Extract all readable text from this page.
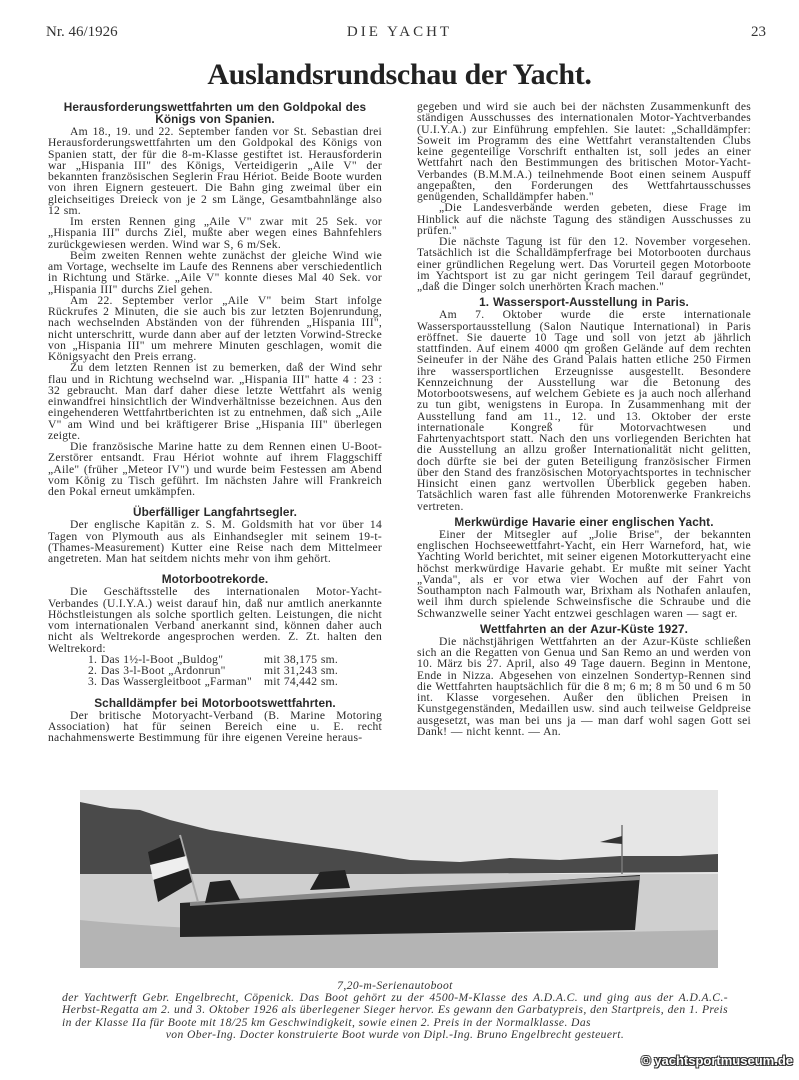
Nr. 46/1926	DIE YACHT	23
Auslandsrundschau der Yacht.
Herausforderungswettfahrten um den Goldpokal des Königs von Spanien.

Am 18., 19. und 22. September fanden vor St. Sebastian drei Herausforderungswettfahrten um den Goldpokal des Königs von Spanien statt, der für die 8-m-Klasse gestiftet ist. Herausforderin war „Hispania III" des Königs, Verteidigerin „Aile V" der bekannten französischen Seglerin Frau Hériot. Beide Boote wurden von ihren Eignern gesteuert. Die Bahn ging zweimal über ein gleichseitiges Dreieck von je 2 sm Länge, Gesamtbahnlänge also 12 sm.

Im ersten Rennen ging „Aile V" zwar mit 25 Sek. vor „Hispania III" durchs Ziel, mußte aber wegen eines Bahnfehlers zurückgewiesen werden. Wind war S, 6 m/Sek.

Beim zweiten Rennen wehte zunächst der gleiche Wind wie am Vortage, wechselte im Laufe des Rennens aber verschiedentlich in Richtung und Stärke. „Aile V" konnte dieses Mal 40 Sek. vor „Hispania III" durchs Ziel gehen.

Am 22. September verlor „Aile V" beim Start infolge Rückrufes 2 Minuten, die sie auch bis zur letzten Bojenrundung, nach wechselnden Abständen von der führenden „Hispania III", nicht unterschritt, wurde dann aber auf der letzten Vorwind-Strecke von „Hispania III" um mehrere Minuten geschlagen, womit die Königsyacht den Preis errang.

Zu dem letzten Rennen ist zu bemerken, daß der Wind sehr flau und in Richtung wechselnd war. „Hispania III" hatte 4 : 23 : 32 gebraucht. Man darf daher diese letzte Wettfahrt als wenig einwandfrei hinsichtlich der Windverhältnisse bezeichnen. Aus den eingehenderen Wettfahrtberichten ist zu entnehmen, daß sich „Aile V" am Wind und bei kräftigerer Brise „Hispania III" überlegen zeigte.

Die französische Marine hatte zu dem Rennen einen U-Boot-Zerstörer entsandt. Frau Hériot wohnte auf ihrem Flaggschiff „Aile" (früher „Meteor IV") und wurde beim Festessen am Abend vom König zu Tisch geführt. Im nächsten Jahre will Frankreich den Pokal erneut umkämpfen.

Überfälliger Langfahrtsegler.

Der englische Kapitän z. S. M. Goldsmith hat vor über 14 Tagen von Plymouth aus als Einhandsegler mit seinem 19-t-(Thames-Measurement) Kutter eine Reise nach dem Mittelmeer angetreten. Man hat seitdem nichts mehr von ihm gehört.

Motorbootrekorde.

Die Geschäftsstelle des internationalen Motor-Yacht-Verbandes (U.I.Y.A.) weist darauf hin, daß nur amtlich anerkannte Höchstleistungen als solche sportlich gelten. Leistungen, die nicht vom internationalen Verband anerkannt sind, können daher auch nicht als Weltrekorde angesprochen werden. Z. Zt. halten den Weltrekord:

1. Das 1½-l-Boot „Buldog"	mit 38,175 sm.
2. Das 3-l-Boot „Ardonrun"	mit 31,243 sm.
3. Das Wassergleitboot „Farman"	mit 74,442 sm.
Schalldämpfer bei Motorbootswettfahrten.

Der britische Motoryacht-Verband (B. Marine Motoring Association) hat für seinen Bereich eine u. E. recht nachahmenswerte Bestimmung für ihre eigenen Vereine heraus-

gegeben und wird sie auch bei der nächsten Zusammenkunft des ständigen Ausschusses des internationalen Motor-Yachtverbandes (U.I.Y.A.) zur Einführung empfehlen. Sie lautet: „Schalldämpfer: Soweit im Programm des eine Wettfahrt veranstaltenden Clubs keine gegenteilige Vorschrift enthalten ist, soll jedes an einer Wettfahrt nach den Bestimmungen des britischen Motor-Yacht-Verbandes (B.M.M.A.) teilnehmende Boot einen seinem Auspuff angepaßten, den Forderungen des Wettfahrtausschusses genügenden, Schalldämpfer haben."

„Die Landesverbände werden gebeten, diese Frage im Hinblick auf die nächste Tagung des ständigen Ausschusses zu prüfen."

Die nächste Tagung ist für den 12. November vorgesehen. Tatsächlich ist die Schalldämpferfrage bei Motorbooten durchaus einer gründlichen Regelung wert. Das Vorurteil gegen Motorboote im Yachtsport ist zu gar nicht geringem Teil darauf gegründet, „daß die Dinger solch unerhörten Krach machen."

1. Wassersport-Ausstellung in Paris.

Am 7. Oktober wurde die erste internationale Wassersportausstellung (Salon Nautique International) in Paris eröffnet. Sie dauerte 10 Tage und soll von jetzt ab jährlich stattfinden. Auf einem 4000 qm großen Gelände auf dem rechten Seineufer in der Nähe des Grand Palais hatten etliche 250 Firmen ihre wassersportlichen Erzeugnisse ausgestellt. Besondere Kennzeichnung der Ausstellung war die Betonung des Motorbootswesens, auf welchem Gebiete es ja auch noch allerhand zu tun gibt, wenigstens in Europa. In Zusammenhang mit der Ausstellung fand am 11., 12. und 13. Oktober der erste internationale Kongreß für Motorvachtwesen und Fahrtenyachtsport statt. Nach den uns vorliegenden Berichten hat die Ausstellung an allzu großer Internationalität nicht gelitten, doch dürfte sie bei der guten Beteiligung französischer Firmen über den Stand des französischen Motoryachtsportes in technischer Hinsicht einen ganz wertvollen Überblick gegeben haben. Tatsächlich waren fast alle führenden Motorenwerke Frankreichs vertreten.

Merkwürdige Havarie einer englischen Yacht.

Einer der Mitsegler auf „Jolie Brise", der bekannten englischen Hochseewettfahrt-Yacht, ein Herr Warneford, hat, wie Yachting World berichtet, mit seiner eigenen Motorkutteryacht eine höchst merkwürdige Havarie gehabt. Er mußte mit seiner Yacht „Vanda", als er vor etwa vier Wochen auf der Fahrt von Southampton nach Falmouth war, Brixham als Nothafen anlaufen, weil ihm durch spielende Schweinsfische die Schraube und die Schwanzwelle seiner Yacht entzwei geschlagen waren — sagt er.

Wettfahrten an der Azur-Küste 1927.

Die nächstjährigen Wettfahrten an der Azur-Küste schließen sich an die Regatten von Genua und San Remo an und werden von 10. März bis 27. April, also 49 Tage dauern. Beginn in Mentone, Ende in Nizza. Abgesehen von einzelnen Sondertyp-Rennen sind die Wettfahrten hauptsächlich für die 8 m; 6 m; 8 m 50 und 6 m 50 int. Klasse vorgesehen. Außer den üblichen Preisen in Kunstgegenständen, Medaillen usw. sind auch teilweise Geldpreise ausgesetzt, was man bei uns ja — man darf wohl sagen Gott sei Dank! — nicht kennt. — An.

7,20-m-Serienautoboot
der Yachtwerft Gebr. Engelbrecht, Cöpenick. Das Boot gehört zu der 4500-M-Klasse des A.D.A.C. und ging aus der A.D.A.C.-Herbst-Regatta am 2. und 3. Oktober 1926 als überlegener Sieger hervor. Es gewann den Garbatypreis, den Startpreis, den 1. Preis in der Klasse IIa für Boote mit 18/25 km Geschwindigkeit, sowie einen 2. Preis in der Normalklasse. Das
von Ober-Ing. Docter konstruierte Boot wurde von Dipl.-Ing. Bruno Engelbrecht gesteuert.
© yachtsportmuseum.de
